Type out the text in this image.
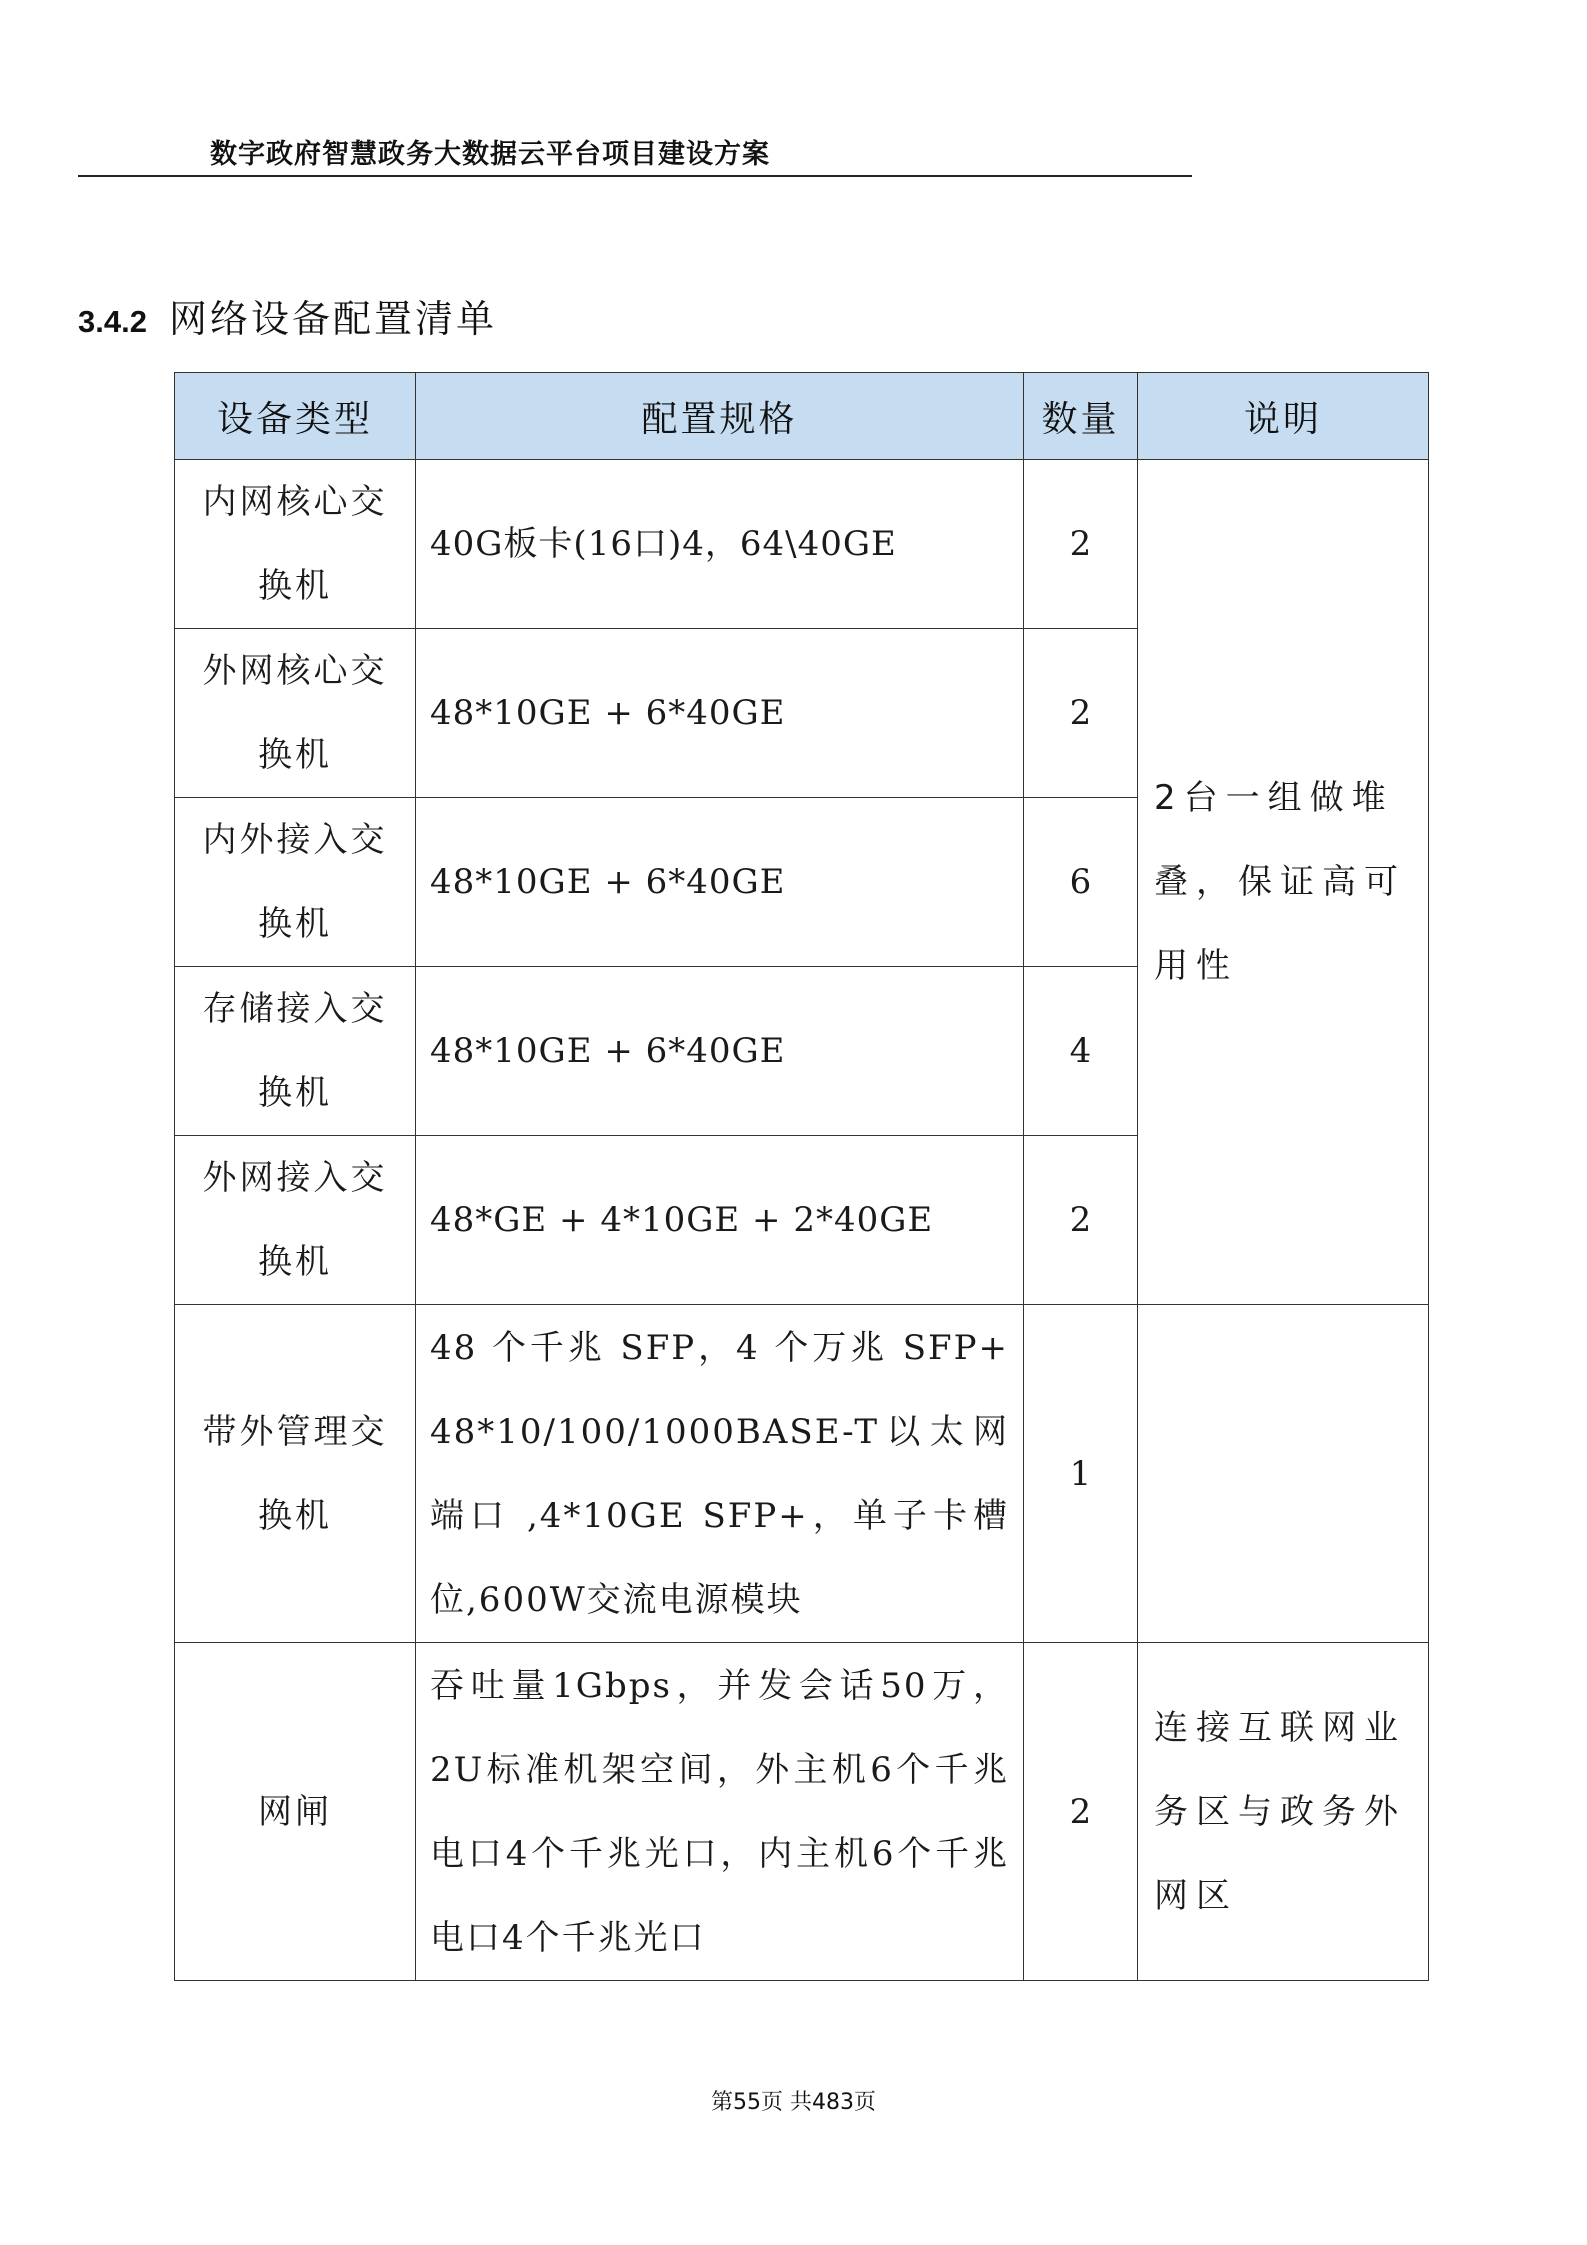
数字政府智慧政务大数据云平台项目建设方案
3.4.2 网络设备配置清单
设备类型	配置规格	数量	说明
内网核心交换机	40G板卡(16口)4，64\40GE	2	2台一组做堆叠，保证高可用性
外网核心交换机	48*10GE + 6*40GE	2	
内外接入交换机	48*10GE + 6*40GE	6	
存储接入交换机	48*10GE + 6*40GE	4	
外网接入交换机	48*GE + 4*10GE + 2*40GE	2	
带外管理交换机	48 个千兆 SFP，4 个万兆 SFP+ 48*10/100/1000BASE-T以太网端口 ,4*10GE SFP+，单子卡槽位,600W交流电源模块	1	
网闸	吞吐量1Gbps，并发会话50万，2U标准机架空间，外主机6个千兆电口4个千兆光口，内主机6个千兆电口4个千兆光口	2	连接互联网业务区与政务外网区
第55页 共483页
